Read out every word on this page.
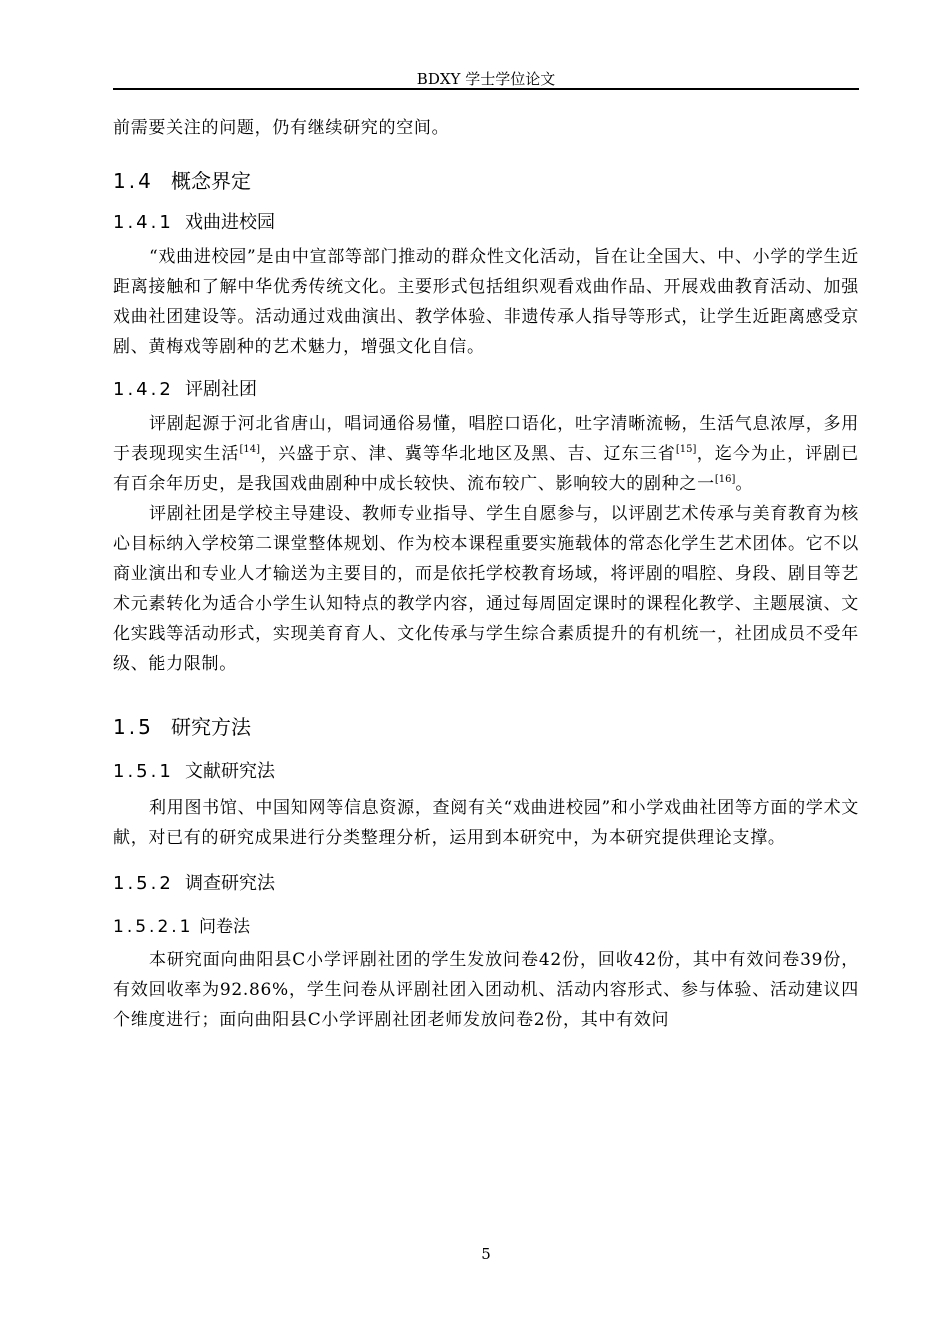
BDXY 学士学位论文

前需要关注的问题，仍有继续研究的空间。

1.4 概念界定
1.4.1 戏曲进校园

“戏曲进校园”是由中宣部等部门推动的群众性文化活动，旨在让全国大、中、小学的学生近距离接触和了解中华优秀传统文化。主要形式包括组织观看戏曲作品、开展戏曲教育活动、加强戏曲社团建设等。活动通过戏曲演出、教学体验、非遗传承人指导等形式，让学生近距离感受京剧、黄梅戏等剧种的艺术魅力，增强文化自信。

1.4.2 评剧社团

评剧起源于河北省唐山，唱词通俗易懂，唱腔口语化，吐字清晰流畅，生活气息浓厚，多用于表现现实生活[14]，兴盛于京、津、冀等华北地区及黑、吉、辽东三省[15]，迄今为止，评剧已有百余年历史，是我国戏曲剧种中成长较快、流布较广、影响较大的剧种之一[16]。

评剧社团是学校主导建设、教师专业指导、学生自愿参与，以评剧艺术传承与美育教育为核心目标纳入学校第二课堂整体规划、作为校本课程重要实施载体的常态化学生艺术团体。它不以商业演出和专业人才输送为主要目的，而是依托学校教育场域，将评剧的唱腔、身段、剧目等艺术元素转化为适合小学生认知特点的教学内容，通过每周固定课时的课程化教学、主题展演、文化实践等活动形式，实现美育育人、文化传承与学生综合素质提升的有机统一，社团成员不受年级、能力限制。

1.5 研究方法
1.5.1 文献研究法

利用图书馆、中国知网等信息资源，查阅有关“戏曲进校园”和小学戏曲社团等方面的学术文献，对已有的研究成果进行分类整理分析，运用到本研究中，为本研究提供理论支撑。

1.5.2 调查研究法
1.5.2.1 问卷法

本研究面向曲阳县C小学评剧社团的学生发放问卷42份，回收42份，其中有效问卷39份，有效回收率为92.86%，学生问卷从评剧社团入团动机、活动内容形式、参与体验、活动建议四个维度进行；面向曲阳县C小学评剧社团老师发放问卷2份，其中有效问

5
